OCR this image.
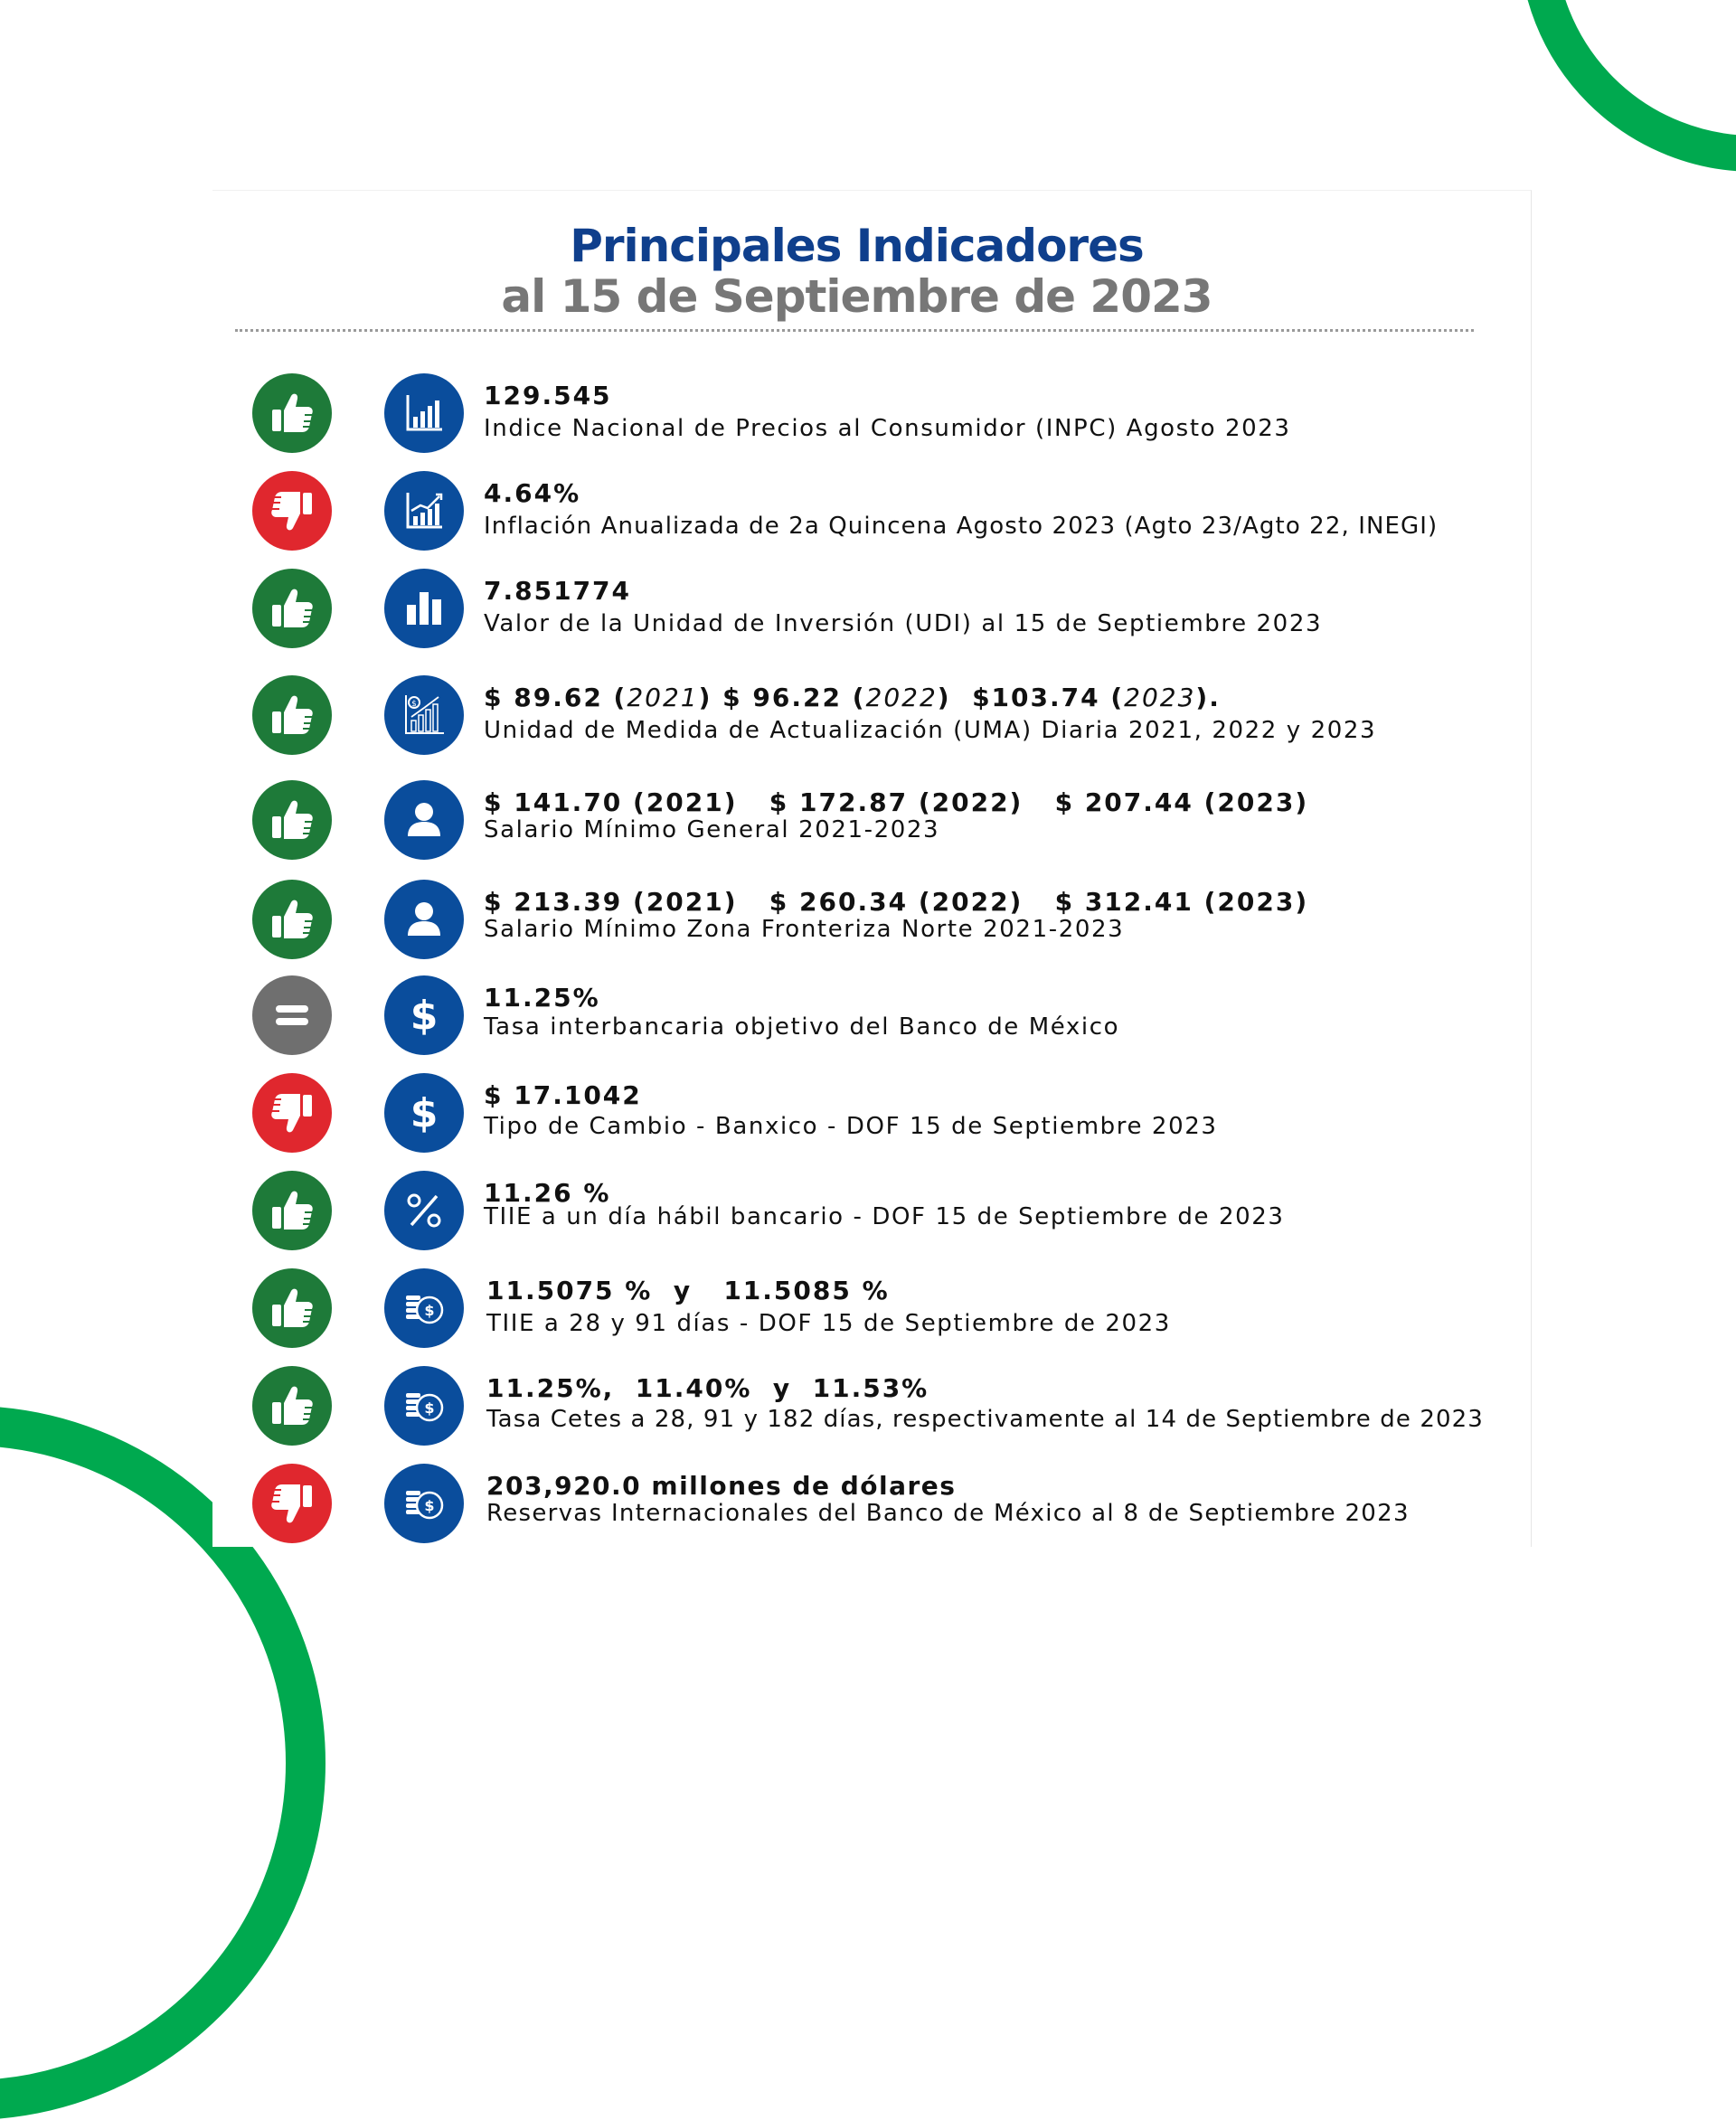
Principales Indicadores
al 15 de Septiembre de 2023
129.545
Indice Nacional de Precios al Consumidor (INPC) Agosto 2023
4.64%
Inflación Anualizada de 2a Quincena Agosto 2023 (Agto 23/Agto 22, INEGI)
7.851774
Valor de la Unidad de Inversión (UDI) al 15 de Septiembre 2023
$	$ 89.62 (2021) $ 96.22 (2022)  $103.74 (2023).
Unidad de Medida de Actualización (UMA) Diaria 2021, 2022 y 2023
$ 141.70 (2021)   $ 172.87 (2022)   $ 207.44 (2023)
Salario Mínimo General 2021-2023
$ 213.39 (2021)   $ 260.34 (2022)   $ 312.41 (2023)
Salario Mínimo Zona Fronteriza Norte 2021-2023
$ 11.25%
Tasa interbancaria objetivo del Banco de México
$ $ 17.1042
Tipo de Cambio - Banxico - DOF 15 de Septiembre 2023
11.26 %
TIIE a un día hábil bancario - DOF 15 de Septiembre de 2023
$
11.5075 %  y   11.5085 %
TIIE a 28 y 91 días - DOF 15 de Septiembre de 2023
$
11.25%,  11.40%  y  11.53%
Tasa Cetes a 28, 91 y 182 días, respectivamente al 14 de Septiembre de 2023
$
203,920.0 millones de dólares
Reservas Internacionales del Banco de México al 8 de Septiembre 2023
